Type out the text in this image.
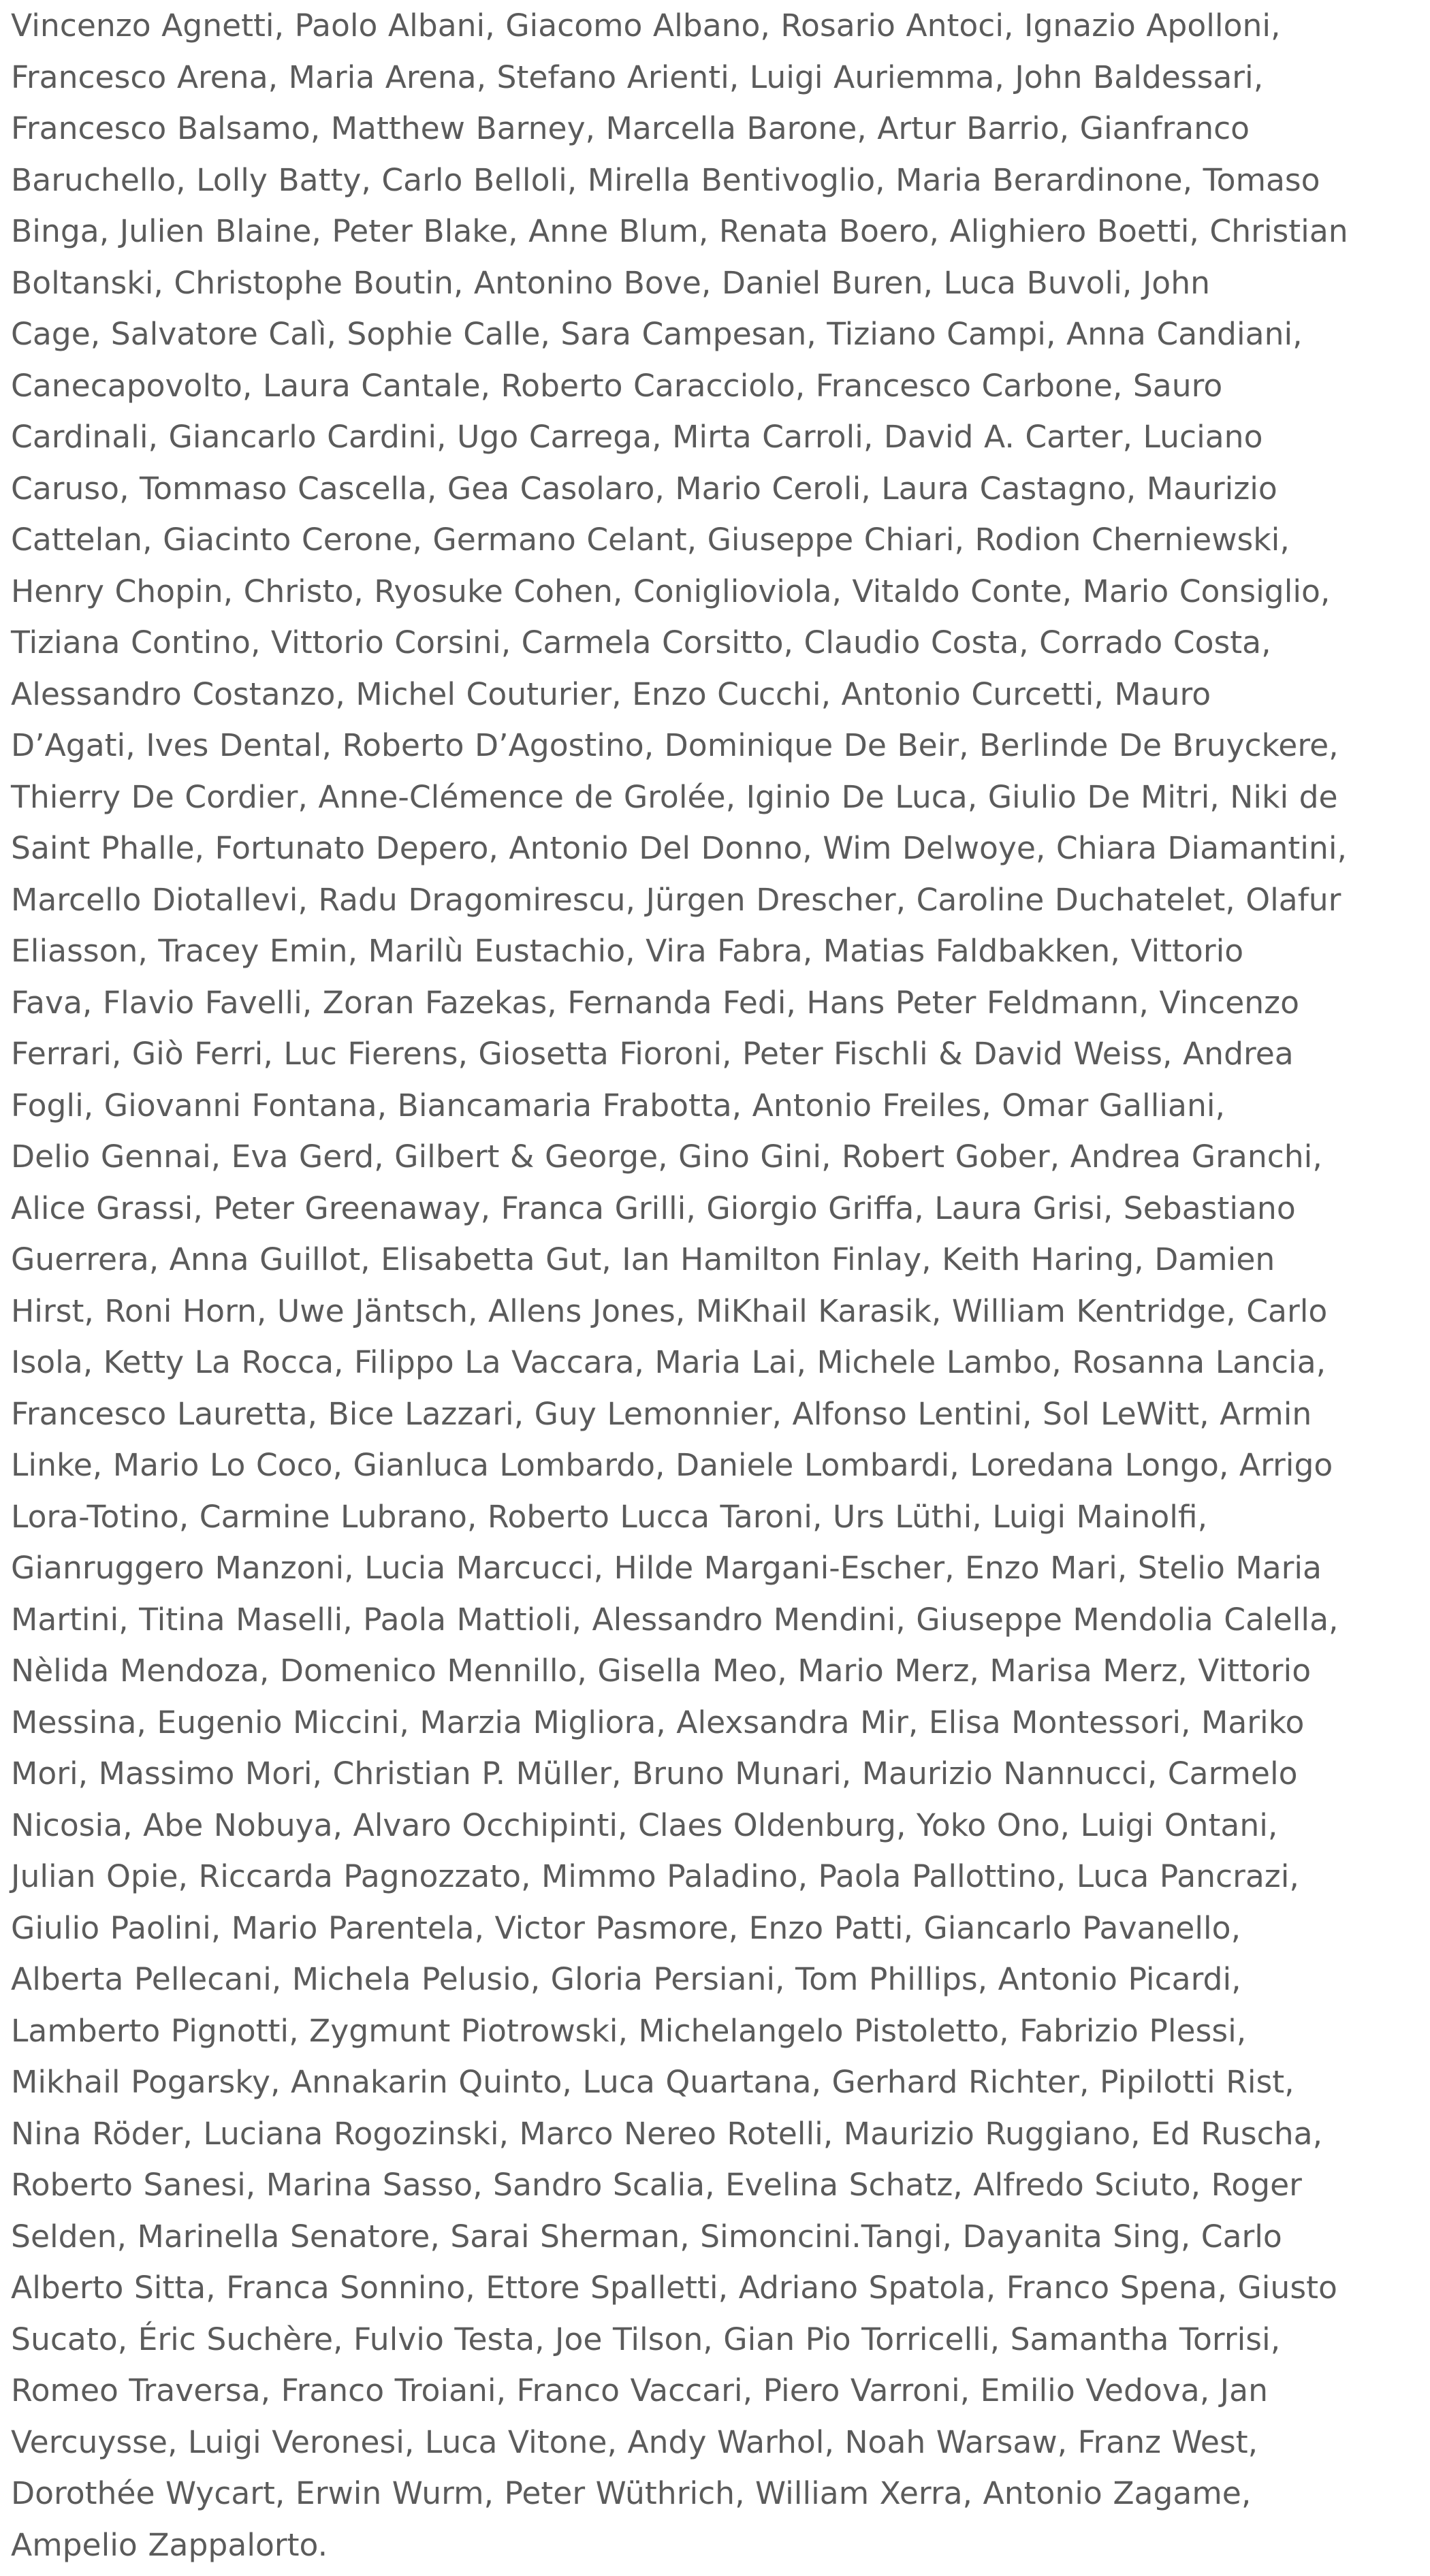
Vincenzo Agnetti, Paolo Albani, Giacomo Albano, Rosario Antoci, Ignazio Apolloni,
Francesco Arena, Maria Arena, Stefano Arienti, Luigi Auriemma, John Baldessari,
Francesco Balsamo, Matthew Barney, Marcella Barone, Artur Barrio, Gianfranco
Baruchello, Lolly Batty, Carlo Belloli, Mirella Bentivoglio, Maria Berardinone, Tomaso
Binga, Julien Blaine, Peter Blake, Anne Blum, Renata Boero, Alighiero Boetti, Christian
Boltanski, Christophe Boutin, Antonino Bove, Daniel Buren, Luca Buvoli, John
Cage, Salvatore Calì, Sophie Calle, Sara Campesan, Tiziano Campi, Anna Candiani,
Canecapovolto, Laura Cantale, Roberto Caracciolo, Francesco Carbone, Sauro
Cardinali, Giancarlo Cardini, Ugo Carrega, Mirta Carroli, David A. Carter, Luciano
Caruso, Tommaso Cascella, Gea Casolaro, Mario Ceroli, Laura Castagno, Maurizio
Cattelan, Giacinto Cerone, Germano Celant, Giuseppe Chiari, Rodion Cherniewski,
Henry Chopin, Christo, Ryosuke Cohen, Coniglioviola, Vitaldo Conte, Mario Consiglio,
Tiziana Contino, Vittorio Corsini, Carmela Corsitto, Claudio Costa, Corrado Costa,
Alessandro Costanzo, Michel Couturier, Enzo Cucchi, Antonio Curcetti, Mauro
D’Agati, Ives Dental, Roberto D’Agostino, Dominique De Beir, Berlinde De Bruyckere,
Thierry De Cordier, Anne-Clémence de Grolée, Iginio De Luca, Giulio De Mitri, Niki de
Saint Phalle, Fortunato Depero, Antonio Del Donno, Wim Delwoye, Chiara Diamantini,
Marcello Diotallevi, Radu Dragomirescu, Jürgen Drescher, Caroline Duchatelet, Olafur
Eliasson, Tracey Emin, Marilù Eustachio, Vira Fabra, Matias Faldbakken, Vittorio
Fava, Flavio Favelli, Zoran Fazekas, Fernanda Fedi, Hans Peter Feldmann, Vincenzo
Ferrari, Giò Ferri, Luc Fierens, Giosetta Fioroni, Peter Fischli & David Weiss, Andrea
Fogli, Giovanni Fontana, Biancamaria Frabotta, Antonio Freiles, Omar Galliani,
Delio Gennai, Eva Gerd, Gilbert & George, Gino Gini, Robert Gober, Andrea Granchi,
Alice Grassi, Peter Greenaway, Franca Grilli, Giorgio Griffa, Laura Grisi, Sebastiano
Guerrera, Anna Guillot, Elisabetta Gut, Ian Hamilton Finlay, Keith Haring, Damien
Hirst, Roni Horn, Uwe Jäntsch, Allens Jones, MiKhail Karasik, William Kentridge, Carlo
Isola, Ketty La Rocca, Filippo La Vaccara, Maria Lai, Michele Lambo, Rosanna Lancia,
Francesco Lauretta, Bice Lazzari, Guy Lemonnier, Alfonso Lentini, Sol LeWitt, Armin
Linke, Mario Lo Coco, Gianluca Lombardo, Daniele Lombardi, Loredana Longo, Arrigo
Lora-Totino, Carmine Lubrano, Roberto Lucca Taroni, Urs Lüthi, Luigi Mainolfi,
Gianruggero Manzoni, Lucia Marcucci, Hilde Margani-Escher, Enzo Mari, Stelio Maria
Martini, Titina Maselli, Paola Mattioli, Alessandro Mendini, Giuseppe Mendolia Calella,
Nèlida Mendoza, Domenico Mennillo, Gisella Meo, Mario Merz, Marisa Merz, Vittorio
Messina, Eugenio Miccini, Marzia Migliora, Alexsandra Mir, Elisa Montessori, Mariko
Mori, Massimo Mori, Christian P. Müller, Bruno Munari, Maurizio Nannucci, Carmelo
Nicosia, Abe Nobuya, Alvaro Occhipinti, Claes Oldenburg, Yoko Ono, Luigi Ontani,
Julian Opie, Riccarda Pagnozzato, Mimmo Paladino, Paola Pallottino, Luca Pancrazi,
Giulio Paolini, Mario Parentela, Victor Pasmore, Enzo Patti, Giancarlo Pavanello,
Alberta Pellecani, Michela Pelusio, Gloria Persiani, Tom Phillips, Antonio Picardi,
Lamberto Pignotti, Zygmunt Piotrowski, Michelangelo Pistoletto, Fabrizio Plessi,
Mikhail Pogarsky, Annakarin Quinto, Luca Quartana, Gerhard Richter, Pipilotti Rist,
Nina Röder, Luciana Rogozinski, Marco Nereo Rotelli, Maurizio Ruggiano, Ed Ruscha,
Roberto Sanesi, Marina Sasso, Sandro Scalia, Evelina Schatz, Alfredo Sciuto, Roger
Selden, Marinella Senatore, Sarai Sherman, Simoncini.Tangi, Dayanita Sing, Carlo
Alberto Sitta, Franca Sonnino, Ettore Spalletti, Adriano Spatola, Franco Spena, Giusto
Sucato, Éric Suchère, Fulvio Testa, Joe Tilson, Gian Pio Torricelli, Samantha Torrisi,
Romeo Traversa, Franco Troiani, Franco Vaccari, Piero Varroni, Emilio Vedova, Jan
Vercuysse, Luigi Veronesi, Luca Vitone, Andy Warhol, Noah Warsaw, Franz West,
Dorothée Wycart, Erwin Wurm, Peter Wüthrich, William Xerra, Antonio Zagame,
Ampelio Zappalorto.
